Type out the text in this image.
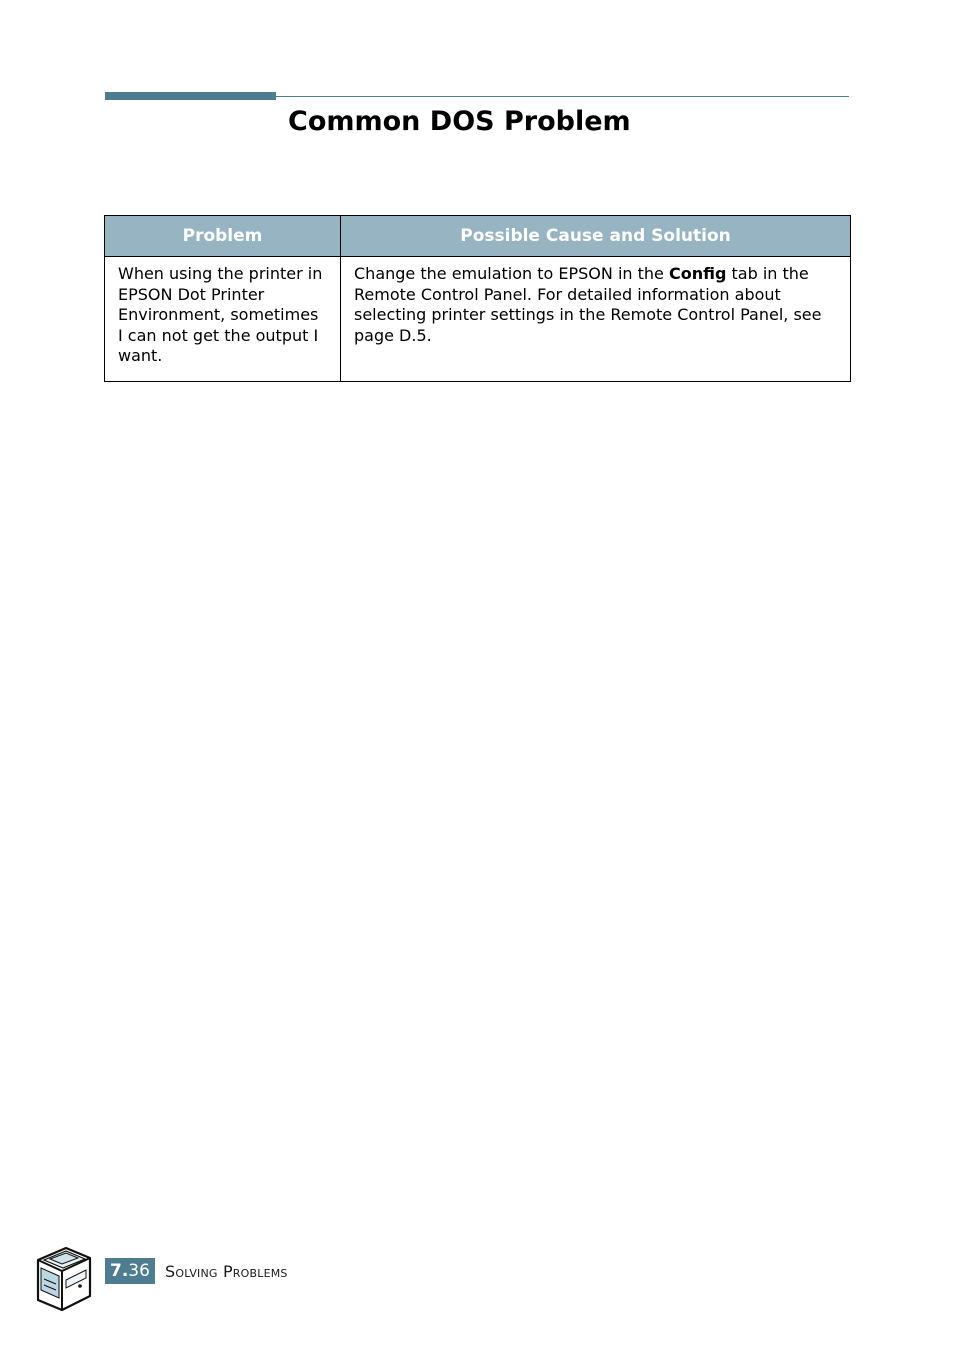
Common DOS Problem
Problem	Possible Cause and Solution
When using the printer in EPSON Dot Printer Environment, sometimes I can not get the output I want.	Change the emulation to EPSON in the Config tab in the Remote Control Panel. For detailed information about selecting printer settings in the Remote Control Panel, see page D.5.
7.36 Solving Problems
